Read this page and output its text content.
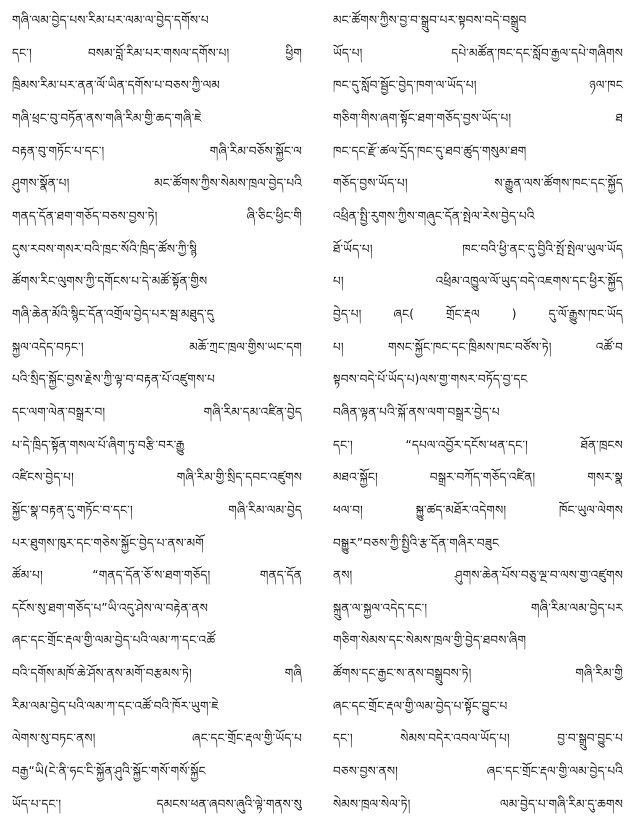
གཞི་ལམ་བྱེད་པས་རིམ་པར་ལམ་ལ་བྱེད་དགོས་པ
དང་། བསམ་བློ་རིམ་པར་གསལ་དགོས་པ། ཕྱིག
ཁྲིམས་རིམ་པར་ནན་ལོ་ཡིན་དགོས་པ་བཅས་ཀྱི་ལམ
གཞི་ཕྲང་བུ་བཏོན་ནས་གཞི་རིམ་གྱི་ཆད་གཞི་ཇེ
བརྟན་བུ་གཏོང་པ་དང་། གཞི་རིམ་བཅོས་སྐྱོང་ལ
ཤུགས་སྣོན་པ། མང་ཚོགས་ཀྱིས་སེམས་ཁྲལ་བྱེད་པའི
གནད་དོན་ཐག་གཅོད་བཅས་བྱས་ཏེ། ཞི་ཅིང་ཕྱིང་གི
དུས་རབས་གསར་བའི་ཁྲང་སོའི་ཁྲིད་ཚོས་ཀྱི་སྙི
ཚོགས་རིང་ལུགས་ཀྱི་དགོངས་པ་དེ་མཚོ་སྟོན་གྱིས
གཞི་ཆེན་མོའི་སྙིང་དོན་འགྲོལ་བྱེད་པར་སྦ་མཐུད་དུ
སྐྱལ་འདེད་བཏང་། མཆོ་ཀྲང་ཁྲལ་གྱིས་ཡང་དག
པའི་སྲིད་སྐྱོང་བྱས་རྗེས་ཀྱི་ལྟ་བ་བརྟན་པོ་འཛུགས་པ
དང་ལག་ལེན་བསྒྲར་བ། གཞི་རིམ་དམ་འཛིན་བྱེད
པ་དེ་ཁྲིད་སྟོན་གསལ་པོ་ཞིག་ཏུ་བརྩི་བར་རྒྱུ
འཛིངས་བྱེད་པ། གཞི་རིམ་གྱི་སྲིད་དབང་འཛུགས
སྐྱོང་སྣ་བརྟན་དུ་གཏོང་བ་དང་། གཞི་རིམ་ལམ་བྱེད
པར་ཐུགས་ཁུར་དང་གཅེས་སྐྱོང་བྱེད་པ་ནས་མགོ
ཚོམ་པ། “གནད་དོན་ཅོ་ས་ཐག་གཅོད། གནད་དོན
དངོས་སུ་ཐག་གཅོད་པ”ཡི་འདུ་ཤེས་ལ་བརྟེན་ནས
ཞང་དང་གྲོང་རྡལ་གྱི་ལམ་བྱེད་པའི་ལམ་ཀ་དང་འཚོ
བའི་དགོས་མཁོ་ཆེ་ཤོས་ནས་མགོ་བརྩམས་ཏེ། གཞི
རིམ་ལམ་བྱེད་པའི་ལམ་ཀ་དང་འཚོ་བའི་ཁོར་ཡུག་ཇེ
ལེགས་སུ་བཏང་ནས། ཞང་དང་གྲོང་རྡལ་གྱི་ཡོད་པ
བརྒྱ“ཡི(ངེ་ནི་ཧང་ངི་སྐྱོན་ཤུའི་སྐྱོང་གསོ་གསོ་སྐྱོང
ཡོད་པ་དང་། དམངས་ཕན་ཞབས་ཞུའི་ལྟེ་གནས་སུ
མང་ཚོགས་ཀྱིས་བྱ་བ་སྒྲུབ་པར་སྟབས་བདེ་བསྒྲུབ
ཡོད་པ། དཔེ་མཚོན་ཁང་དང་སློབ་རྒྱལ་དཔེ་གཞིགས
ཁང་དུ་སློབ་སྦྱོང་བྱེད་ཁག་ལ་ཡོད་པ། ཉལ་ཁང
གཅིག་གིས་ཞག་སྟོང་ཐག་གཅོད་བྱས་ཡོད་པ། ཐ
ཁང་དང་རྫོ་ཚལ་དྲོད་ཁང་དུ་ཐབ་ཚུད་གསུམ་ཐག
གཅོད་བྱས་ཡོད་པ། ས་རྒྱུན་ལས་ཚོགས་ཁང་དང་སྐྱོད
འཕྲིན་སྤྱི་རུགས་ཀྱིས་གཞུང་དོན་སྤེལ་རེས་བྱེད་པའི
ཐོ་ཡོད་པ། ཁང་བའི་ཕྱི་ནང་དུ་བྱིའི་སྤོ་སྤེལ་ཡུལ་ཡོད
པ། འཕྲིམ་འཁྱུལ་ལོ་ཡུད་བདེ་འཇགས་དང་ཕྱིར་སྐྱོད
བྱེད་པ། ཞང( གྲོང་རྡལ ) དུ་ལོ་རྒྱུས་ཁང་ཡོད
པ། གསང་སྐྱོང་ཁང་དང་ཁྲིམས་ཁང་བཙོས་ཏེ། འཚོ་བ
སྟབས་བདེ་པོ་ཡོད་པ)ལས་གྱ་གསར་བཏོད་བྱ་དང
བཞིན་ལྟན་པའི་སྐོ་ནས་ལག་བསྒྲར་བྱེད་པ
དང་། “དཔལ་འབྱོར་དངོས་ཕན་དང་། ཐོན་ཁྲངས
མཐའ་སྐྱོང། བསྒྲར་བཀོད་གཅོད་འཛིན། གསར་སྣ
ཕལ་བ། སྐྱུ་ཚད་མཐོར་འདེགས། ཁོང་ཡུལ་ལེགས
བསྒྱུར”བཅས་ཀྱི་སྤྱིའི་རྩ་དོན་གཞིར་བཟུང
ནས། ཤུགས་ཆེན་པོས་བཅུ་ལྔ་བ་ལས་གྱ་འཛུགས
སྐྲུན་ལ་སྐྱལ་འདེད་དང་། གཞི་རིམ་ལམ་བྱེད་པར
གཅིག་སེམས་དང་སེམས་ཁྲལ་གྱི་བྱེད་ཐབས་ཞིག
ཚོགས་དང་རྒྱང་ས་ནས་བསྒྲུབས་ཏེ། གཞི་རིམ་གྱི
ཞང་དང་གྲོང་རྡལ་གྱི་ལམ་བྱེད་པ་སྟོང་བྱུང་པ
དང་། སེམས་བདེར་འབལ་ཡོད་པ། བྱ་བ་སྒྲུབ་བྱུང་པ
བཅས་བྱས་ནས། ཞང་དང་གྲོང་རྡལ་གྱི་ལམ་བྱེད་པའི
སེམས་ཁྲལ་སེལ་ཏེ། ལམ་བྱེད་པ་གཞི་རིམ་དུ་ཆགས
